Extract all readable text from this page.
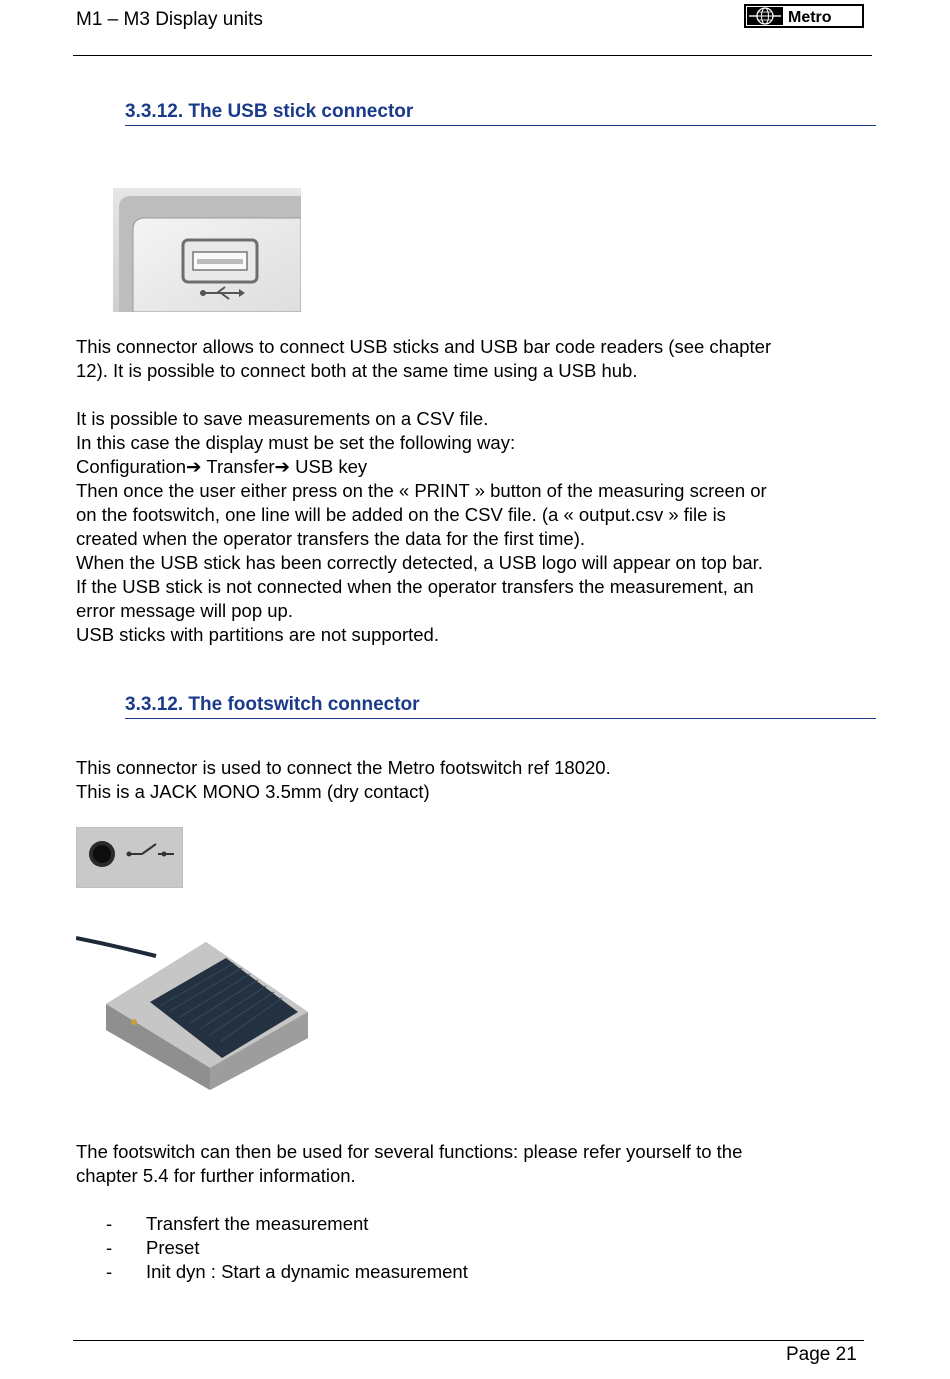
M1 – M3 Display units	Metro
3.3.12. The USB stick connector
This connector allows to connect USB sticks and USB bar code readers (see chapter
12). It is possible to connect both at the same time using a USB hub.
It is possible to save measurements on a CSV file.
In this case the display must be set the following way:
Configuration➔ Transfer➔ USB key
Then once the user either press on the « PRINT » button of the measuring screen or
on the footswitch, one line will be added on the CSV file. (a « output.csv » file is
created when the operator transfers the data for the first time).
When the USB stick has been correctly detected, a USB logo will appear on top bar.
If the USB stick is not connected when the operator transfers the measurement, an
error message will pop up.
USB sticks with partitions are not supported.
3.3.12. The footswitch connector
This connector is used to connect the Metro footswitch ref 18020.
This is a JACK MONO 3.5mm (dry contact)
The footswitch can then be used for several functions: please refer yourself to the
chapter 5.4 for further information.
-	Transfert the measurement
-	Preset
-	Init dyn : Start a dynamic measurement
Page 21
